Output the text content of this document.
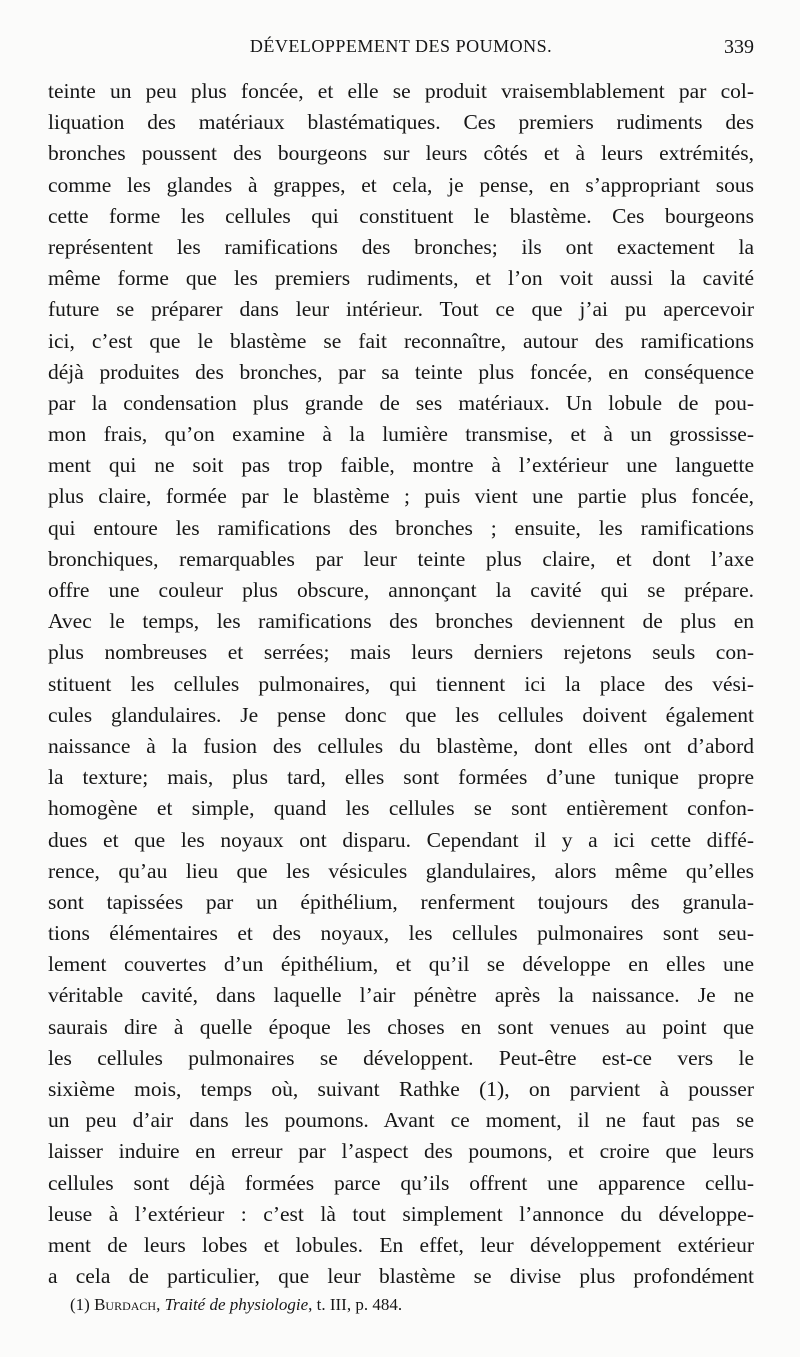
DÉVELOPPEMENT DES POUMONS.	339
teinte un peu plus foncée, et elle se produit vraisemblablement par col-
liquation des matériaux blastématiques. Ces premiers rudiments des
bronches poussent des bourgeons sur leurs côtés et à leurs extrémités,
comme les glandes à grappes, et cela, je pense, en s’appropriant sous
cette forme les cellules qui constituent le blastème. Ces bourgeons
représentent les ramifications des bronches; ils ont exactement la
même forme que les premiers rudiments, et l’on voit aussi la cavité
future se préparer dans leur intérieur. Tout ce que j’ai pu apercevoir
ici, c’est que le blastème se fait reconnaître, autour des ramifications
déjà produites des bronches, par sa teinte plus foncée, en conséquence
par la condensation plus grande de ses matériaux. Un lobule de pou-
mon frais, qu’on examine à la lumière transmise, et à un grossisse-
ment qui ne soit pas trop faible, montre à l’extérieur une languette
plus claire, formée par le blastème ; puis vient une partie plus foncée,
qui entoure les ramifications des bronches ; ensuite, les ramifications
bronchiques, remarquables par leur teinte plus claire, et dont l’axe
offre une couleur plus obscure, annonçant la cavité qui se prépare.
Avec le temps, les ramifications des bronches deviennent de plus en
plus nombreuses et serrées; mais leurs derniers rejetons seuls con-
stituent les cellules pulmonaires, qui tiennent ici la place des vési-
cules glandulaires. Je pense donc que les cellules doivent également
naissance à la fusion des cellules du blastème, dont elles ont d’abord
la texture; mais, plus tard, elles sont formées d’une tunique propre
homogène et simple, quand les cellules se sont entièrement confon-
dues et que les noyaux ont disparu. Cependant il y a ici cette diffé-
rence, qu’au lieu que les vésicules glandulaires, alors même qu’elles
sont tapissées par un épithélium, renferment toujours des granula-
tions élémentaires et des noyaux, les cellules pulmonaires sont seu-
lement couvertes d’un épithélium, et qu’il se développe en elles une
véritable cavité, dans laquelle l’air pénètre après la naissance. Je ne
saurais dire à quelle époque les choses en sont venues au point que
les cellules pulmonaires se développent. Peut-être est-ce vers le
sixième mois, temps où, suivant Rathke (1), on parvient à pousser
un peu d’air dans les poumons. Avant ce moment, il ne faut pas se
laisser induire en erreur par l’aspect des poumons, et croire que leurs
cellules sont déjà formées parce qu’ils offrent une apparence cellu-
leuse à l’extérieur : c’est là tout simplement l’annonce du développe-
ment de leurs lobes et lobules. En effet, leur développement extérieur
a cela de particulier, que leur blastème se divise plus profondément
(1) Burdach, Traité de physiologie, t. III, p. 484.
